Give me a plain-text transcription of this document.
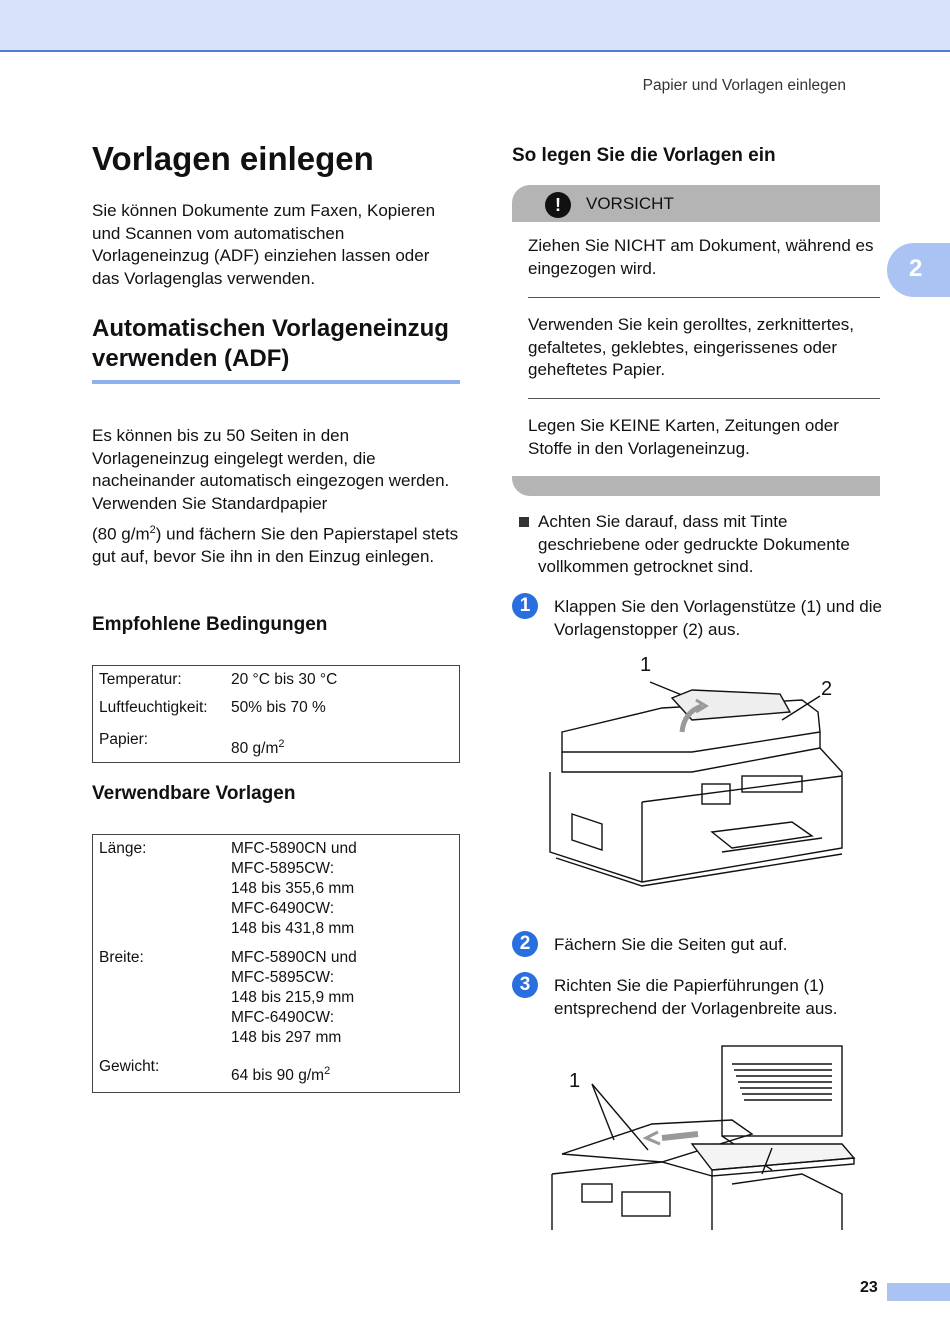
Papier und Vorlagen einlegen
2
Vorlagen einlegen

Sie können Dokumente zum Faxen, Kopieren und Scannen vom automatischen Vorlageneinzug (ADF) einziehen lassen oder das Vorlagenglas verwenden.

Automatischen Vorlageneinzug verwenden (ADF)

Es können bis zu 50 Seiten in den Vorlageneinzug eingelegt werden, die nacheinander automatisch eingezogen werden. Verwenden Sie Standardpapier

(80 $g/m^2$) und fächern Sie den Papierstapel stets gut auf, bevor Sie ihn in den Einzug einlegen.

Empfohlene Bedingungen
Temperatur:	20 °C bis 30 °C
Luftfeuchtigkeit:	50% bis 70 %
Papier:	80 $g/m^2$
Verwendbare Vorlagen
Länge:	MFC-5890CN und
MFC-5895CW:
148 bis 355,6 mm
MFC-6490CW:
148 bis 431,8 mm

Breite:	MFC-5890CN und
MFC-5895CW:
148 bis 215,9 mm
MFC-6490CW:
148 bis 297 mm

Gewicht:	64 bis 90 $g/m^2$
So legen Sie die Vorlagen ein
!	VORSICHT

Ziehen Sie NICHT am Dokument, während es eingezogen wird.

Verwenden Sie kein gerolltes, zerknittertes, gefaltetes, geklebtes, eingerissenes oder geheftetes Papier.

Legen Sie KEINE Karten, Zeitungen oder Stoffe in den Vorlageneinzug.

Achten Sie darauf, dass mit Tinte geschriebene oder gedruckte Dokumente vollkommen getrocknet sind.

1	Klappen Sie den Vorlagenstütze (1) und die Vorlagenstopper (2) aus.

1
2
2	Fächern Sie die Seiten gut auf.

3	Richten Sie die Papierführungen (1) entsprechend der Vorlagenbreite aus.

1
23
